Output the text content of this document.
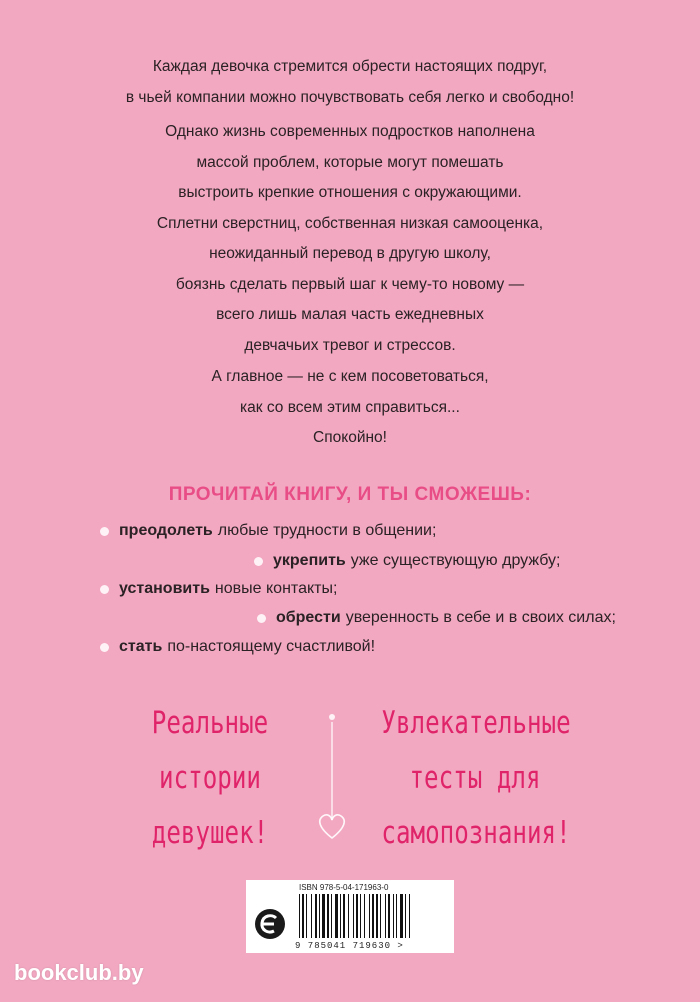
Каждая девочка стремится обрести настоящих подруг,

в чьей компании можно почувствовать себя легко и свободно!

Однако жизнь современных подростков наполнена

массой проблем, которые могут помешать

выстроить крепкие отношения с окружающими.

Сплетни сверстниц, собственная низкая самооценка,

неожиданный перевод в другую школу,

боязнь сделать первый шаг к чему-то новому —

всего лишь малая часть ежедневных

девчачьих тревог и стрессов.

А главное — не с кем посоветоваться,

как со всем этим справиться...

Спокойно!

ПРОЧИТАЙ КНИГУ, И ТЫ СМОЖЕШЬ:
преодолеть любые трудности в общении;
укрепить уже существующую дружбу;
установить новые контакты;
обрести уверенность в себе и в своих силах;
стать по-настоящему счастливой!
Реальные
истории
девушек!
Увлекательные
тесты для
самопознания!
ISBN 978-5-04-171963-0
9 785041 719630 >
bookclub.by
